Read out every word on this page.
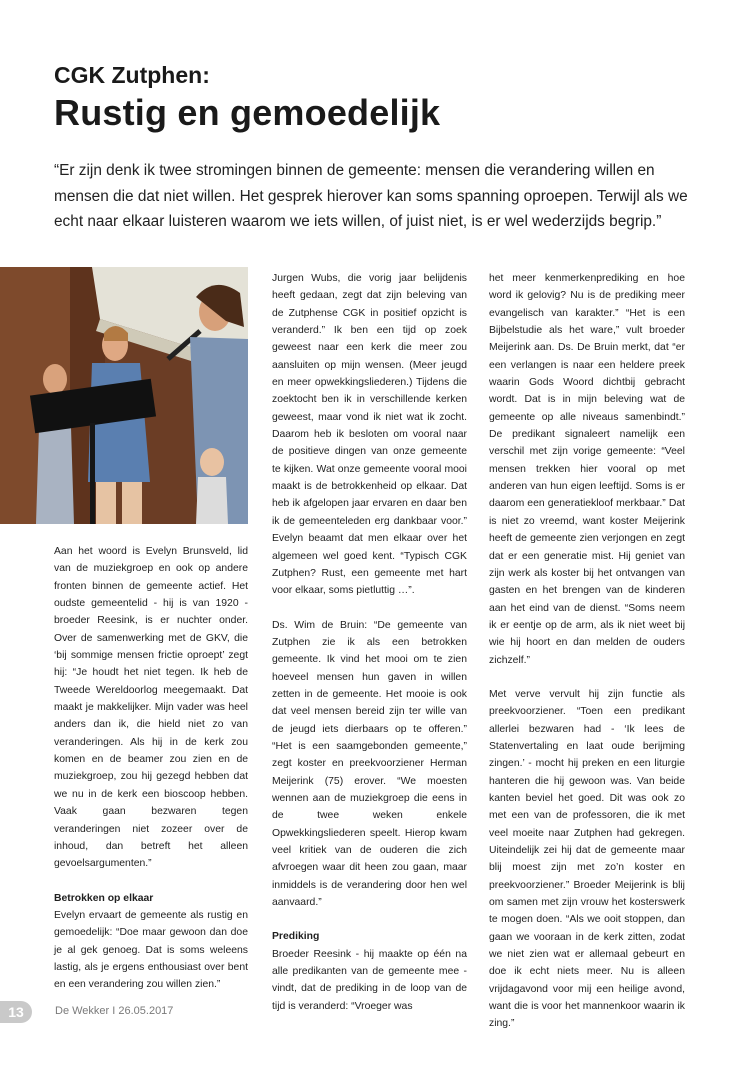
CGK Zutphen:
Rustig en gemoedelijk
“Er zijn denk ik twee stromingen binnen de gemeente: mensen die verandering willen en mensen die dat niet willen. Het gesprek hierover kan soms spanning oproepen. Terwijl als we echt naar elkaar luisteren waarom we iets willen, of juist niet, is er wel wederzijds begrip.”

Aan het woord is Evelyn Brunsveld, lid van de muziekgroep en ook op andere fronten binnen de gemeente actief. Het oudste gemeentelid - hij is van 1920 - broeder Reesink, is er nuchter onder. Over de samenwerking met de GKV, die ‘bij sommige mensen frictie oproept’ zegt hij: “Je houdt het niet tegen. Ik heb de Tweede Wereldoorlog meegemaakt. Dat maakt je makkelijker. Mijn vader was heel anders dan ik, die hield niet zo van veranderingen. Als hij in de kerk zou komen en de beamer zou zien en de muziekgroep, zou hij gezegd hebben dat we nu in de kerk een bioscoop hebben. Vaak gaan bezwaren tegen veranderingen niet zozeer over de inhoud, dan betreft het alleen gevoelsargumenten.”

Betrokken op elkaar

Evelyn ervaart de gemeente als rustig en gemoedelijk: “Doe maar gewoon dan doe je al gek genoeg. Dat is soms weleens lastig, als je ergens enthousiast over bent en een verandering zou willen zien.”

Jurgen Wubs, die vorig jaar belijdenis heeft gedaan, zegt dat zijn beleving van de Zutphense CGK in positief opzicht is veranderd.” Ik ben een tijd op zoek geweest naar een kerk die meer zou aansluiten op mijn wensen. (Meer jeugd en meer opwekkingsliederen.) Tijdens die zoektocht ben ik in verschillende kerken geweest, maar vond ik niet wat ik zocht. Daarom heb ik besloten om vooral naar de positieve dingen van onze gemeente te kijken. Wat onze gemeente vooral mooi maakt is de betrokkenheid op elkaar. Dat heb ik afgelopen jaar ervaren en daar ben ik de gemeenteleden erg dankbaar voor.” Evelyn beaamt dat men elkaar over het algemeen wel goed kent. “Typisch CGK Zutphen? Rust, een gemeente met hart voor elkaar, soms pietluttig …”.

Ds. Wim de Bruin: “De gemeente van Zutphen zie ik als een betrokken gemeente. Ik vind het mooi om te zien hoeveel mensen hun gaven in willen zetten in de gemeente. Het mooie is ook dat veel mensen bereid zijn ter wille van de jeugd iets dierbaars op te offeren.” “Het is een saamgebonden gemeente,” zegt koster en preekvoorziener Herman Meijerink (75) erover. “We moesten wennen aan de muziekgroep die eens in de twee weken enkele Opwekkingsliederen speelt. Hierop kwam veel kritiek van de ouderen die zich afvroegen waar dit heen zou gaan, maar inmiddels is de verandering door hen wel aanvaard.”

Prediking

Broeder Reesink - hij maakte op één na alle predikanten van de gemeente mee - vindt, dat de prediking in de loop van de tijd is veranderd: “Vroeger was

het meer kenmerkenprediking en hoe word ik gelovig? Nu is de prediking meer evangelisch van karakter.” “Het is een Bijbelstudie als het ware,” vult broeder Meijerink aan. Ds. De Bruin merkt, dat “er een verlangen is naar een heldere preek waarin Gods Woord dichtbij gebracht wordt. Dat is in mijn beleving wat de gemeente op alle niveaus samenbindt.” De predikant signaleert namelijk een verschil met zijn vorige gemeente: “Veel mensen trekken hier vooral op met anderen van hun eigen leeftijd. Soms is er daarom een generatiekloof merkbaar.” Dat is niet zo vreemd, want koster Meijerink heeft de gemeente zien verjongen en zegt dat er een generatie mist. Hij geniet van zijn werk als koster bij het ontvangen van gasten en het brengen van de kinderen aan het eind van de dienst. “Soms neem ik er eentje op de arm, als ik niet weet bij wie hij hoort en dan melden de ouders zichzelf.”

Met verve vervult hij zijn functie als preekvoorziener. “Toen een predikant allerlei bezwaren had - ‘Ik lees de Statenvertaling en laat oude berijming zingen.’ - mocht hij preken en een liturgie hanteren die hij gewoon was. Van beide kanten beviel het goed. Dit was ook zo met een van de professoren, die ik met veel moeite naar Zutphen had gekregen. Uiteindelijk zei hij dat de gemeente maar blij moest zijn met zo’n koster en preekvoorziener.” Broeder Meijerink is blij om samen met zijn vrouw het kosterswerk te mogen doen. “Als we ooit stoppen, dan gaan we vooraan in de kerk zitten, zodat we niet zien wat er allemaal gebeurt en doe ik echt niets meer. Nu is alleen vrijdagavond voor mij een heilige avond, want die is voor het mannenkoor waarin ik zing.”

13	De Wekker I 26.05.2017
